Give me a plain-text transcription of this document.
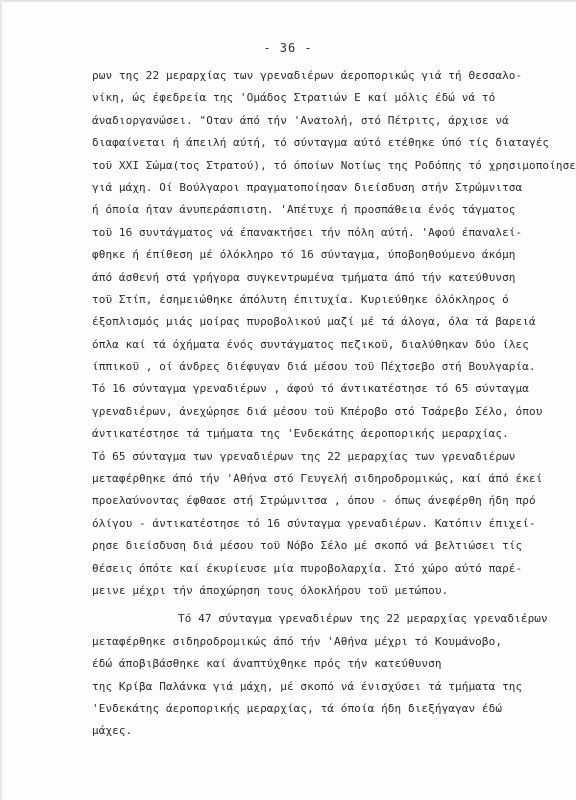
- 36 -
ρων της 22 μεραρχίας των γρεναδιέρων άεροπορικώς γιά τή Θεσσαλο-
νίκη, ώς έφεδρεία της 'Ομάδος Στρατιών Ε καί μόλις έδώ νά τό
άναδιοργανώσει. "Οταν άπό τήν 'Ανατολή, στό Πέτριτς, άρχισε νά
διαφαίνεται ή άπειλή αύτή, τό σύνταγμα αύτό ετέθηκε ύπό τίς διαταγές
τοϋ XXI Σώμα(τος Στρατού), τό όποίων Νοτίως της Ροδόπης τό χρησιμοποίησε
γιά μάχη. Οί Βούλγαροι πραγματοποίησαν διείσδυση στήν Στρώμνιτσα
ή όποία ήταν άνυπεράσπιστη. 'Απέτυχε ή προσπάθεια ένός τάγματος
τοϋ 16 συντάγματος νά έπανακτήσει τήν πόλη αύτή. 'Αφού έπαναλεί-
φθηκε ή έπίθεση μέ όλόκληρο τό 16 σύνταγμα, ύποβοηθούμενο άκόμη
άπό άσθενή στά γρήγορα συγκεντρωμένα τμήματα άπό τήν κατεύθυνση
τοϋ Στίπ, έσημειώθηκε άπόλυτη έπιτυχία. Κυριεύθηκε όλόκληρος ό
έξοπλισμός μιάς μοίρας πυροβολικού μαζί μέ τά άλογα, όλα τά βαρειά
όπλα καί τά όχήματα ένός συντάγματος πεζικοϋ, διαλύθηκαν δύο ίλες
ίππικοϋ , οί άνδρες διέφυγαν διά μέσου τοϋ Πέχτσεβο στή Βουλγαρία.
Τό 16 σύνταγμα γρεναδιέρων , άφού τό άντικατέστησε τό 65 σύνταγμα
γρεναδιέρων, άνεχώρησε διά μέσου τοϋ Κπέροβο στό Τσάρεβο Σέλο, όπου
άντικατέστησε τά τμήματα της 'Ενδεκάτης άεροπορικής μεραρχίας.
Τό 65 σύνταγμα των γρεναδιέρων της 22 μεραρχίας των γρεναδιέρων
μεταφέρθηκε άπό τήν 'Αθήνα στό Γευγελή σιδηροδρομικώς, καί άπό έκεί
προελαύνοντας έφθασε στή Στρώμνιτσα , όπου - όπως άνεφέρθη ήδη πρό
όλίγου - άντικατέστησε τό 16 σύνταγμα γρεναδιέρων. Κατόπιν έπιχεί-
ρησε διείσδυση διά μέσου τοϋ Νόβο Σέλο μέ σκοπό νά βελτιώσει τίς
θέσεις όπότε καί έκυρίευσε μία πυροβολαρχία. Στό χώρο αύτό παρέ-
μεινε μέχρι τήν άποχώρηση τους όλοκλήρου τοϋ μετώπου.
Τό 47 σύνταγμα γρεναδιέρων της 22 μεραρχίας γρεναδιέρων
μεταφέρθηκε σιδηροδρομικώς άπό τήν 'Αθήνα μέχρι τό Κουμάνοβο,
έδώ άποβιβάσθηκε καί άναπτύχθηκε πρός τήν κατεύθυνση
της Κρίβα Παλάνκα γιά μάχη, μέ σκοπό νά ένισχύσει τά τμήματα της
'Ενδεκάτης άεροπορικής μεραρχίας, τά όποία ήδη διεξήγαγαν έδώ
μάχες.
